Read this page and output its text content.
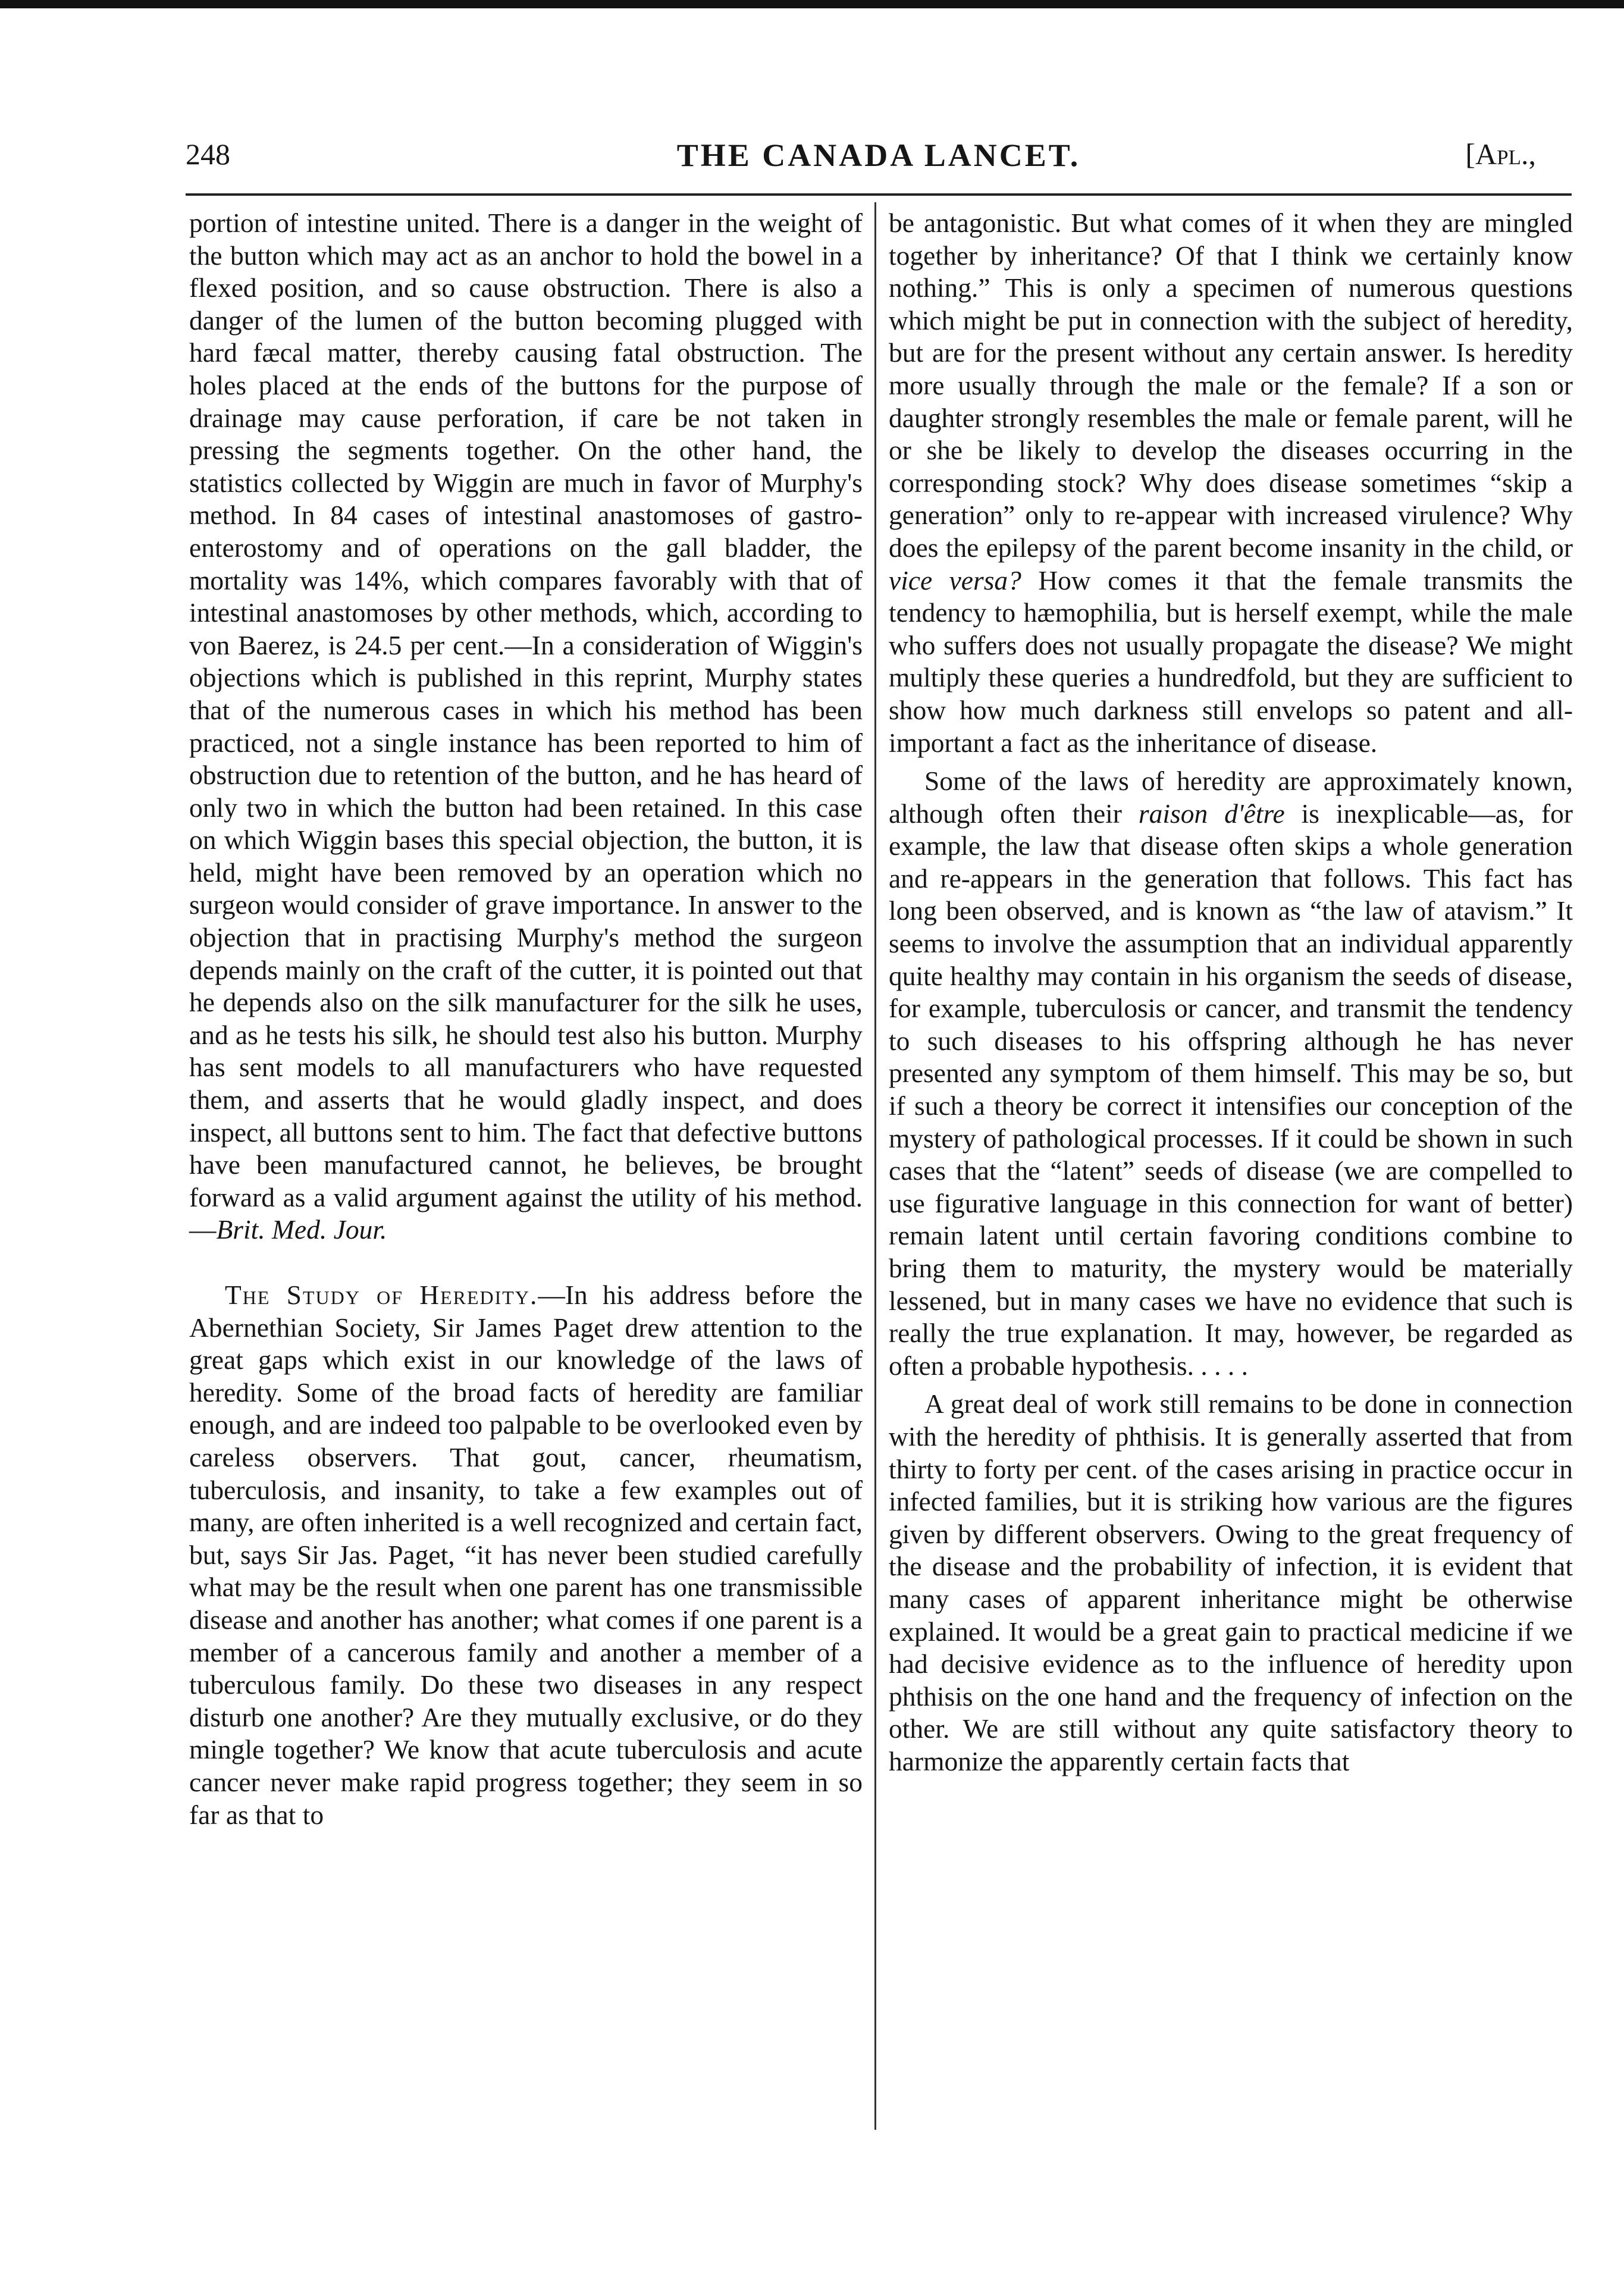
248	THE CANADA LANCET.	[Apl.,

portion of intestine united. There is a danger in the weight of the button which may act as an anchor to hold the bowel in a flexed position, and so cause obstruction. There is also a danger of the lumen of the button becoming plugged with hard fæcal matter, thereby causing fatal obstruction. The holes placed at the ends of the buttons for the purpose of drainage may cause perforation, if care be not taken in pressing the segments together. On the other hand, the statistics collected by Wiggin are much in favor of Murphy's method. In 84 cases of intestinal anastomoses of gastro-enterostomy and of operations on the gall bladder, the mortality was 14%, which compares favorably with that of intestinal anastomoses by other methods, which, according to von Baerez, is 24.5 per cent.—In a consideration of Wiggin's objections which is published in this reprint, Murphy states that of the numerous cases in which his method has been practiced, not a single instance has been reported to him of obstruction due to retention of the button, and he has heard of only two in which the button had been retained. In this case on which Wiggin bases this special objection, the button, it is held, might have been removed by an operation which no surgeon would consider of grave importance. In answer to the objection that in practising Murphy's method the surgeon depends mainly on the craft of the cutter, it is pointed out that he depends also on the silk manufacturer for the silk he uses, and as he tests his silk, he should test also his button. Murphy has sent models to all manufacturers who have requested them, and asserts that he would gladly inspect, and does inspect, all buttons sent to him. The fact that defective buttons have been manufactured cannot, he believes, be brought forward as a valid argument against the utility of his method.—Brit. Med. Jour.

The Study of Heredity.—In his address before the Abernethian Society, Sir James Paget drew attention to the great gaps which exist in our knowledge of the laws of heredity. Some of the broad facts of heredity are familiar enough, and are indeed too palpable to be overlooked even by careless observers. That gout, cancer, rheumatism, tuberculosis, and insanity, to take a few examples out of many, are often inherited is a well recognized and certain fact, but, says Sir Jas. Paget, “it has never been studied carefully what may be the result when one parent has one transmissible disease and another has another; what comes if one parent is a member of a cancerous family and another a member of a tuberculous family. Do these two diseases in any respect disturb one another? Are they mutually exclusive, or do they mingle together? We know that acute tuberculosis and acute cancer never make rapid progress together; they seem in so far as that to

be antagonistic. But what comes of it when they are mingled together by inheritance? Of that I think we certainly know nothing.” This is only a specimen of numerous questions which might be put in connection with the subject of heredity, but are for the present without any certain answer. Is heredity more usually through the male or the female? If a son or daughter strongly resembles the male or female parent, will he or she be likely to develop the diseases occurring in the corresponding stock? Why does disease sometimes “skip a generation” only to re-appear with increased virulence? Why does the epilepsy of the parent become insanity in the child, or vice versa? How comes it that the female transmits the tendency to hæmophilia, but is herself exempt, while the male who suffers does not usually propagate the disease? We might multiply these queries a hundredfold, but they are sufficient to show how much darkness still envelops so patent and all-important a fact as the inheritance of disease.

Some of the laws of heredity are approximately known, although often their raison d'être is inexplicable—as, for example, the law that disease often skips a whole generation and re-appears in the generation that follows. This fact has long been observed, and is known as “the law of atavism.” It seems to involve the assumption that an individual apparently quite healthy may contain in his organism the seeds of disease, for example, tuberculosis or cancer, and transmit the tendency to such diseases to his offspring although he has never presented any symptom of them himself. This may be so, but if such a theory be correct it intensifies our conception of the mystery of pathological processes. If it could be shown in such cases that the “latent” seeds of disease (we are compelled to use figurative language in this connection for want of better) remain latent until certain favoring conditions combine to bring them to maturity, the mystery would be materially lessened, but in many cases we have no evidence that such is really the true explanation. It may, however, be regarded as often a probable hypothesis. . . . .

A great deal of work still remains to be done in connection with the heredity of phthisis. It is generally asserted that from thirty to forty per cent. of the cases arising in practice occur in infected families, but it is striking how various are the figures given by different observers. Owing to the great frequency of the disease and the probability of infection, it is evident that many cases of apparent inheritance might be otherwise explained. It would be a great gain to practical medicine if we had decisive evidence as to the influence of heredity upon phthisis on the one hand and the frequency of infection on the other. We are still without any quite satisfactory theory to harmonize the apparently certain facts that
